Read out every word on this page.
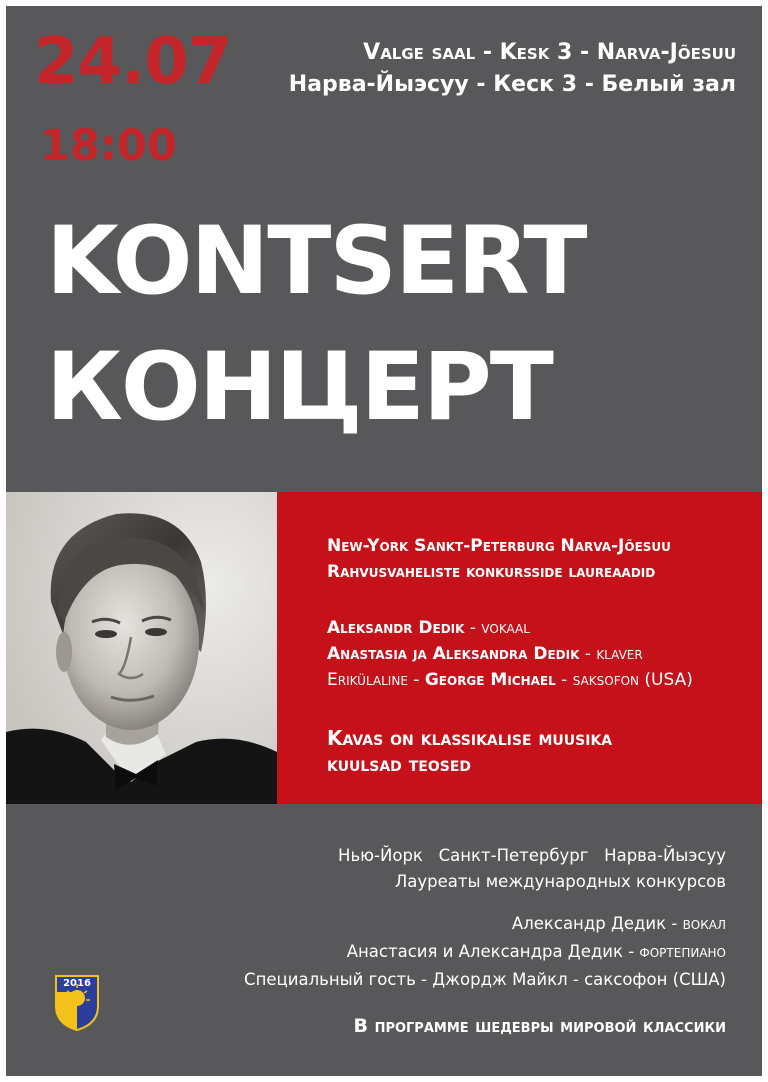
24.07
18:00
Valge saal - Kesk 3 - Narva-Jõesuu
Нарва-Йыэсуу - Кеск 3 - Белый зал
KONTSERT
КОНЦЕРТ
New-York Sankt-Peterburg Narva-Jõesuu
Rahvusvaheliste konkursside laureaadid
Aleksandr Dedik - vokaal
Anastasia ja Aleksandra Dedik - klaver
Erikülaline - George Michael - saksofon (USA)
Kavas on klassikalise muusika
kuulsad teosed
Нью-Йорк   Санкт-Петербург   Нарва-Йыэсуу
Лауреаты международных конкурсов
Александр Дедик - вокал
Анастасия и Александра Дедик - фортепиано
Специальный гость - Джордж Майкл - саксофон (США)
В программе шедевры мировой классики
2016
